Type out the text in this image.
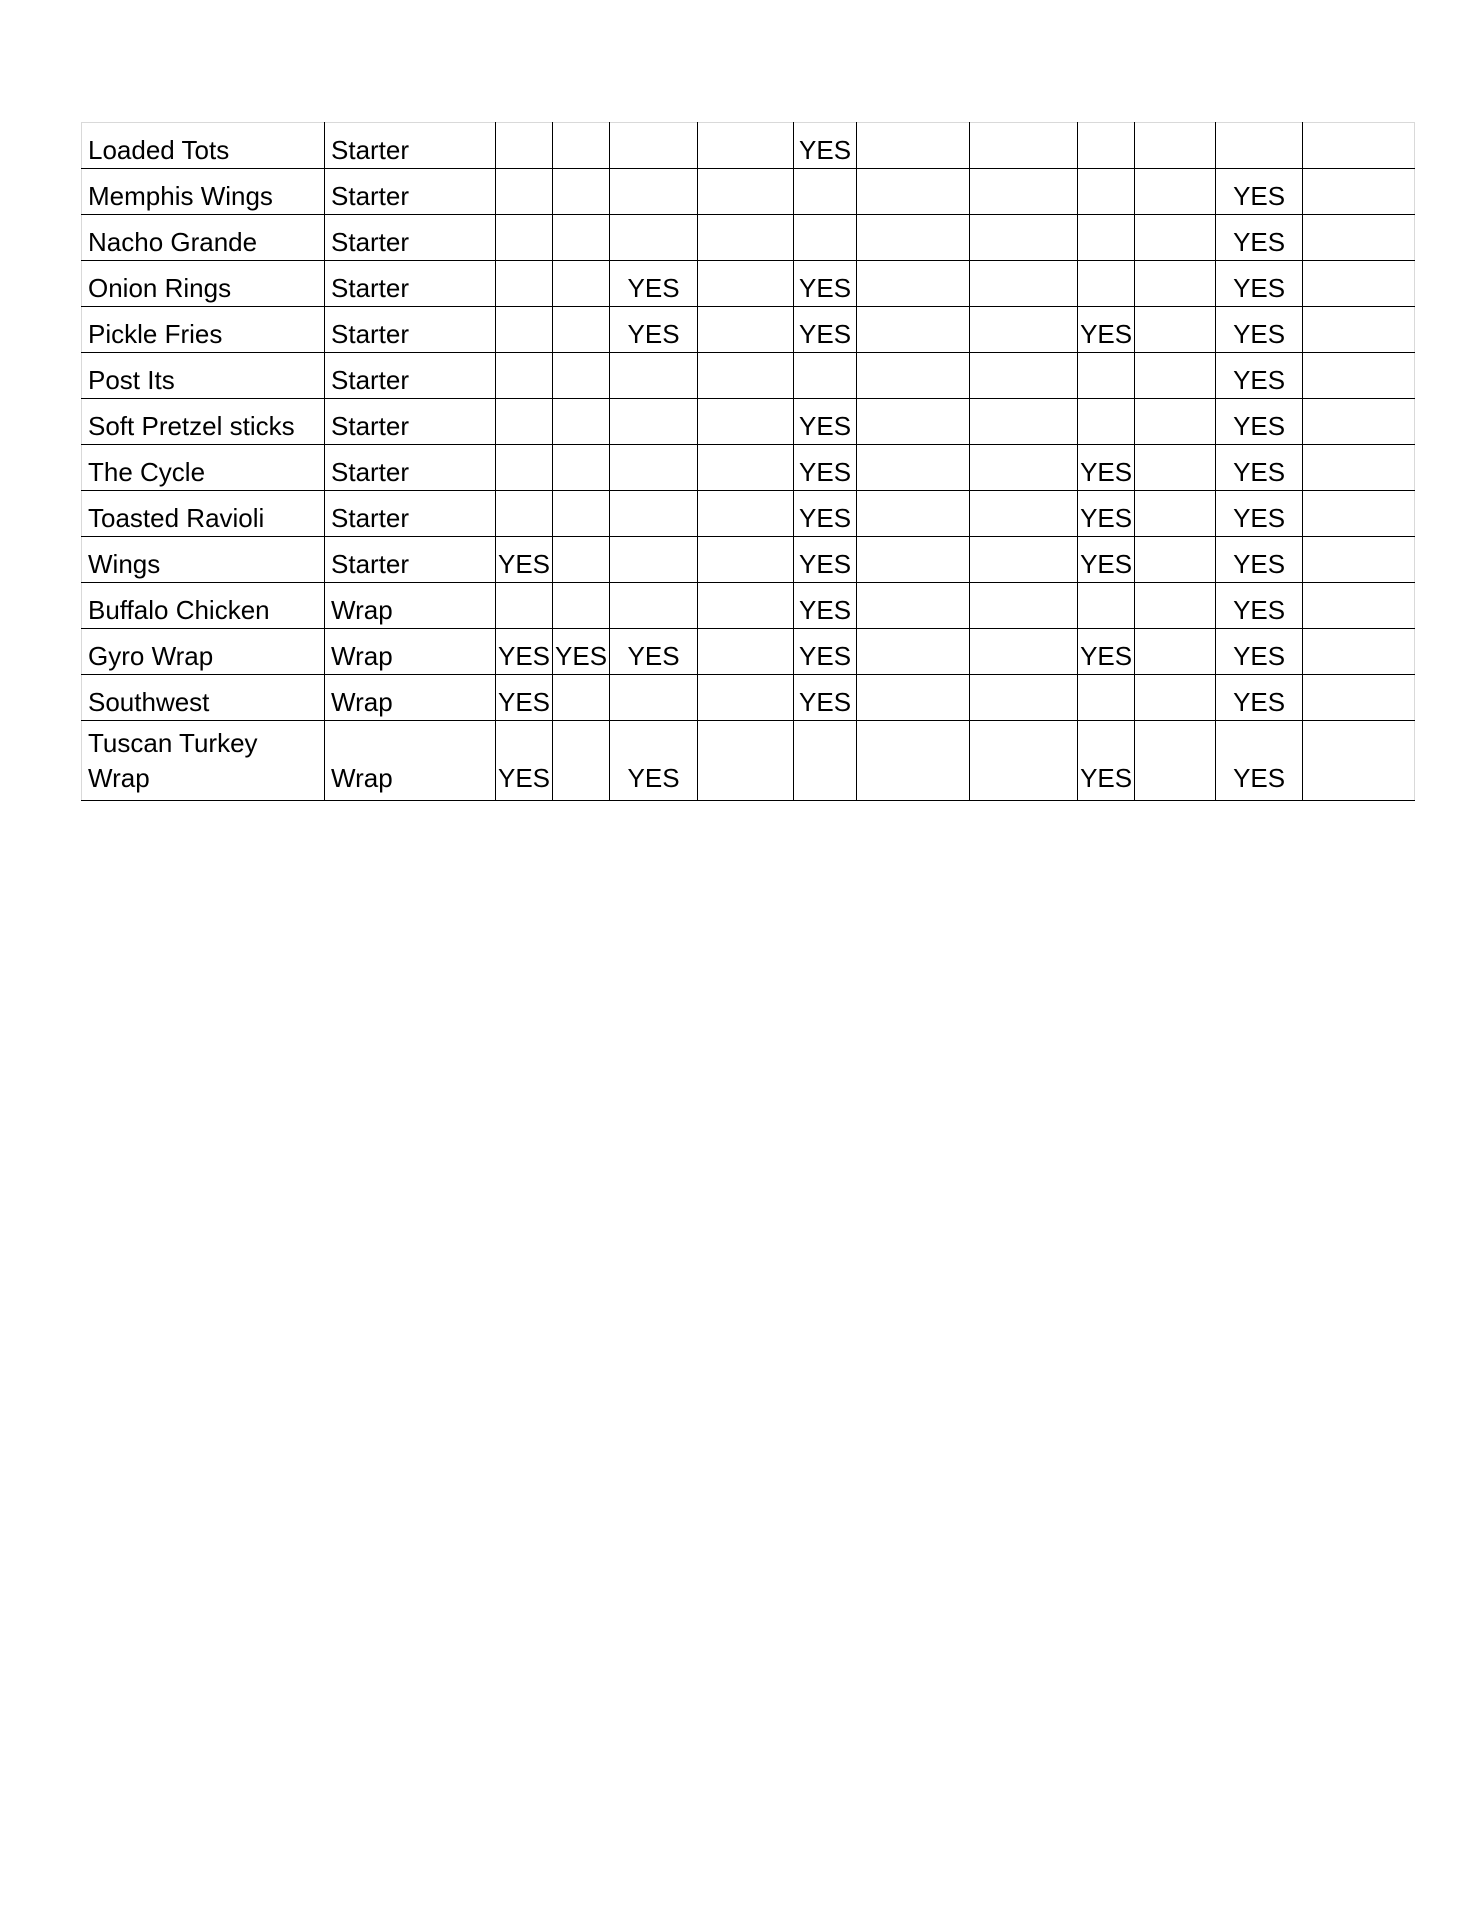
Loaded Tots	Starter					YES						
Memphis Wings	Starter										YES	
Nacho Grande	Starter										YES	
Onion Rings	Starter			YES		YES					YES	
Pickle Fries	Starter			YES		YES			YES		YES	
Post Its	Starter										YES	
Soft Pretzel sticks	Starter					YES					YES	
The Cycle	Starter					YES			YES		YES	
Toasted Ravioli	Starter					YES			YES		YES	
Wings	Starter	YES				YES			YES		YES	
Buffalo Chicken	Wrap					YES					YES	
Gyro Wrap	Wrap	YES	YES	YES		YES			YES		YES	
Southwest	Wrap	YES				YES					YES	
Tuscan Turkey Wrap	Wrap	YES		YES					YES		YES	
